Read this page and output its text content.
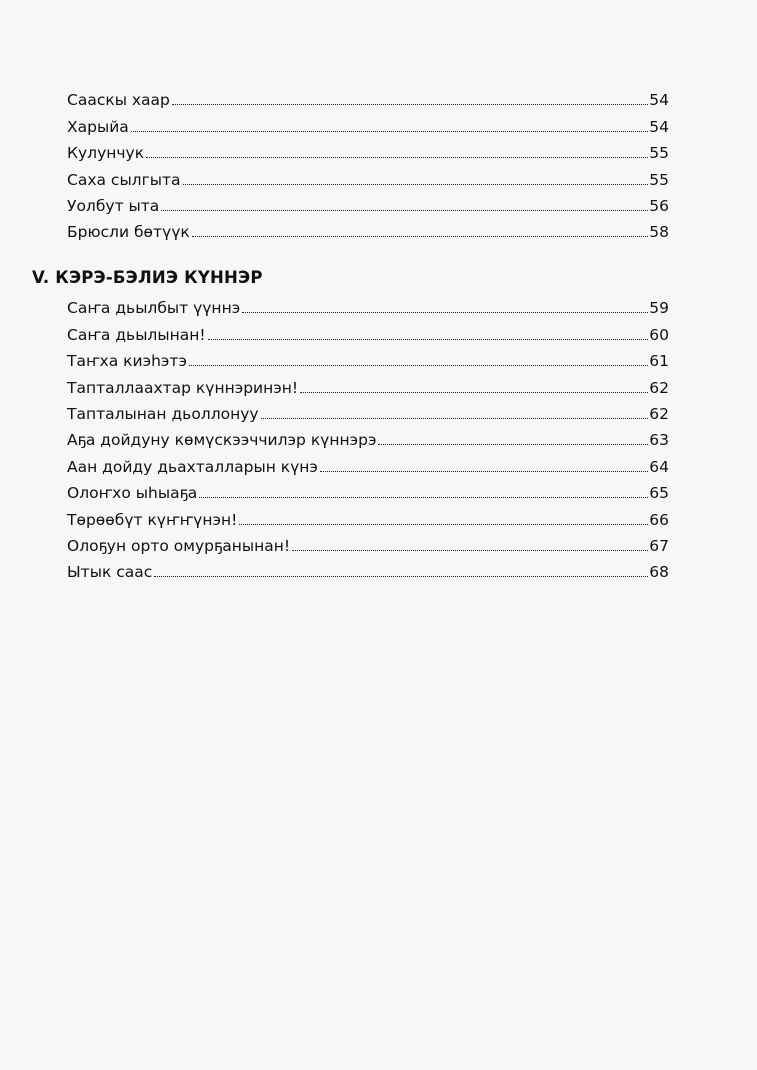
Сааскы хаар	54
Харыйа	54
Кулунчук	55
Саха сылгыта	55
Уолбут ыта	56
Брюсли бөтүүк	58
V. КЭРЭ-БЭЛИЭ КҮННЭР
Саҥа дьылбыт үүннэ	59
Саҥа дьылынан!	60
Таҥха киэһэтэ	61
Тапталлаахтар күннэринэн!	62
Тапталынан дьоллонуу	62
Аҕа дойдуну көмүскээччилэр күннэрэ	63
Аан дойду дьахталларын күнэ	64
Олоҥхо ыһыаҕа	65
Төрөөбүт күҥҥүнэн!	66
Олоҕун орто омурҕанынан!	67
Ытык саас	68
